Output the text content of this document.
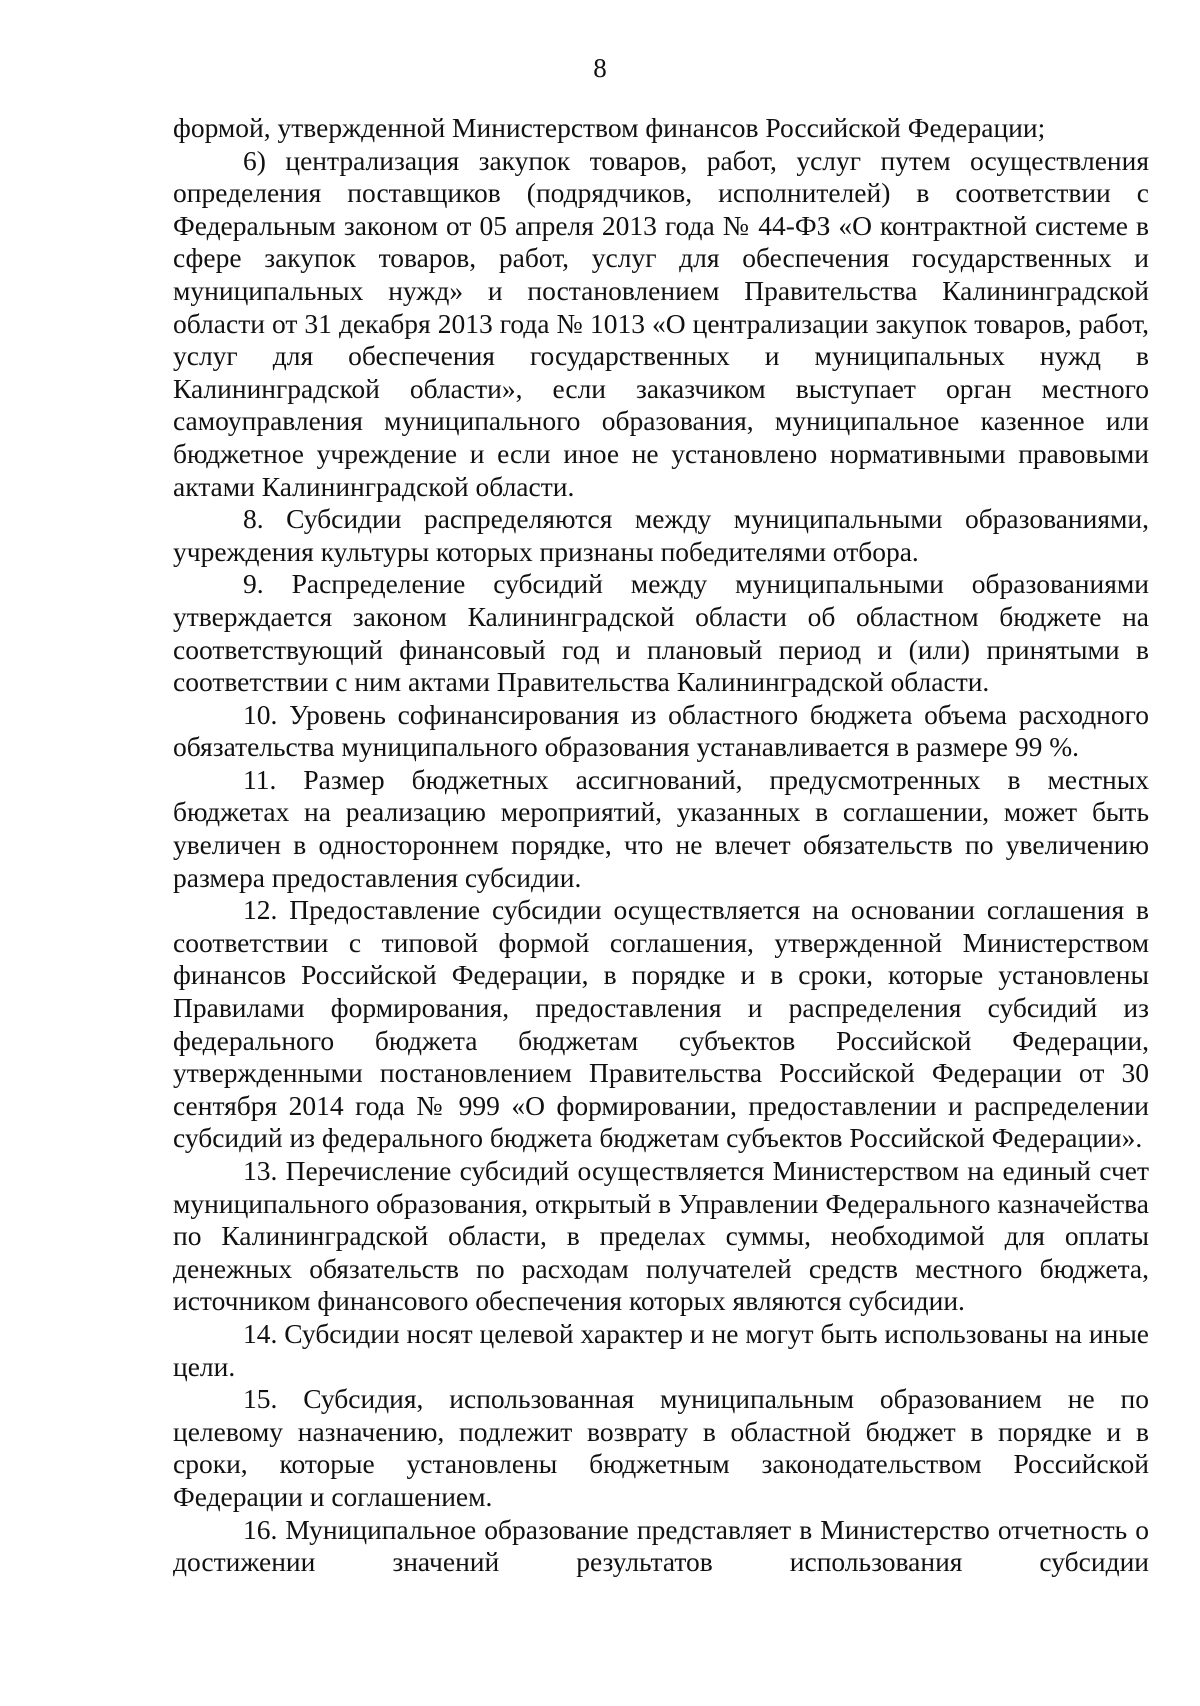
8

формой, утвержденной Министерством финансов Российской Федерации;

6) централизация закупок товаров, работ, услуг путем осуществления определения поставщиков (подрядчиков, исполнителей) в соответствии с Федеральным законом от 05 апреля 2013 года № 44-ФЗ «О контрактной системе в сфере закупок товаров, работ, услуг для обеспечения государственных и муниципальных нужд» и постановлением Правительства Калининградской области от 31 декабря 2013 года № 1013 «О централизации закупок товаров, работ, услуг для обеспечения государственных и муниципальных нужд в Калининградской области», если заказчиком выступает орган местного самоуправления муниципального образования, муниципальное казенное или бюджетное учреждение и если иное не установлено нормативными правовыми актами Калининградской области.

8. Субсидии распределяются между муниципальными образованиями, учреждения культуры которых признаны победителями отбора.

9. Распределение субсидий между муниципальными образованиями утверждается законом Калининградской области об областном бюджете на соответствующий финансовый год и плановый период и (или) принятыми в соответствии с ним актами Правительства Калининградской области.

10. Уровень софинансирования из областного бюджета объема расходного обязательства муниципального образования устанавливается в размере 99 %.

11. Размер бюджетных ассигнований, предусмотренных в местных бюджетах на реализацию мероприятий, указанных в соглашении, может быть увеличен в одностороннем порядке, что не влечет обязательств по увеличению размера предоставления субсидии.

12. Предоставление субсидии осуществляется на основании соглашения в соответствии с типовой формой соглашения, утвержденной Министерством финансов Российской Федерации, в порядке и в сроки, которые установлены Правилами формирования, предоставления и распределения субсидий из федерального бюджета бюджетам субъектов Российской Федерации, утвержденными постановлением Правительства Российской Федерации от 30 сентября 2014 года № 999 «О формировании, предоставлении и распределении субсидий из федерального бюджета бюджетам субъектов Российской Федерации».

13. Перечисление субсидий осуществляется Министерством на единый счет муниципального образования, открытый в Управлении Федерального казначейства по Калининградской области, в пределах суммы, необходимой для оплаты денежных обязательств по расходам получателей средств местного бюджета, источником финансового обеспечения которых являются субсидии.

14. Субсидии носят целевой характер и не могут быть использованы на иные цели.

15. Субсидия, использованная муниципальным образованием не по целевому назначению, подлежит возврату в областной бюджет в порядке и в сроки, которые установлены бюджетным законодательством Российской Федерации и соглашением.

16. Муниципальное образование представляет в Министерство отчетность о достижении значений результатов использования субсидии
